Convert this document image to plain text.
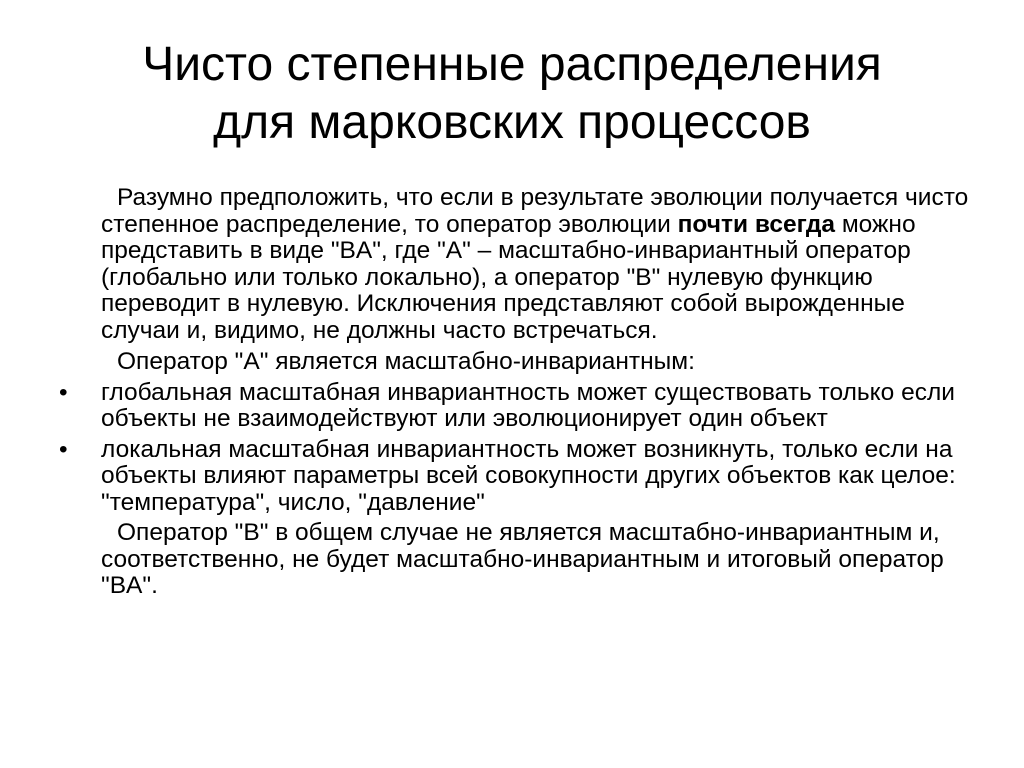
Чисто степенные распределения
для марковских процессов

Разумно предположить, что если в результате эволюции получается чисто степенное распределение, то оператор эволюции почти всегда можно представить в виде "BA", где "A" – масштабно-инвариантный оператор (глобально или только локально), а оператор "B" нулевую функцию переводит в нулевую. Исключения представляют собой вырожденные случаи и, видимо, не должны часто встречаться.

Оператор "A" является масштабно-инвариантным:

• глобальная масштабная инвариантность может существовать только если объекты не взаимодействуют или эволюционирует один объект
• локальная масштабная инвариантность может возникнуть, только если на объекты влияют параметры всей совокупности других объектов как целое: "температура", число, "давление"

Оператор "B" в общем случае не является масштабно-инвариантным и, соответственно, не будет масштабно-инвариантным и итоговый оператор "BA".
